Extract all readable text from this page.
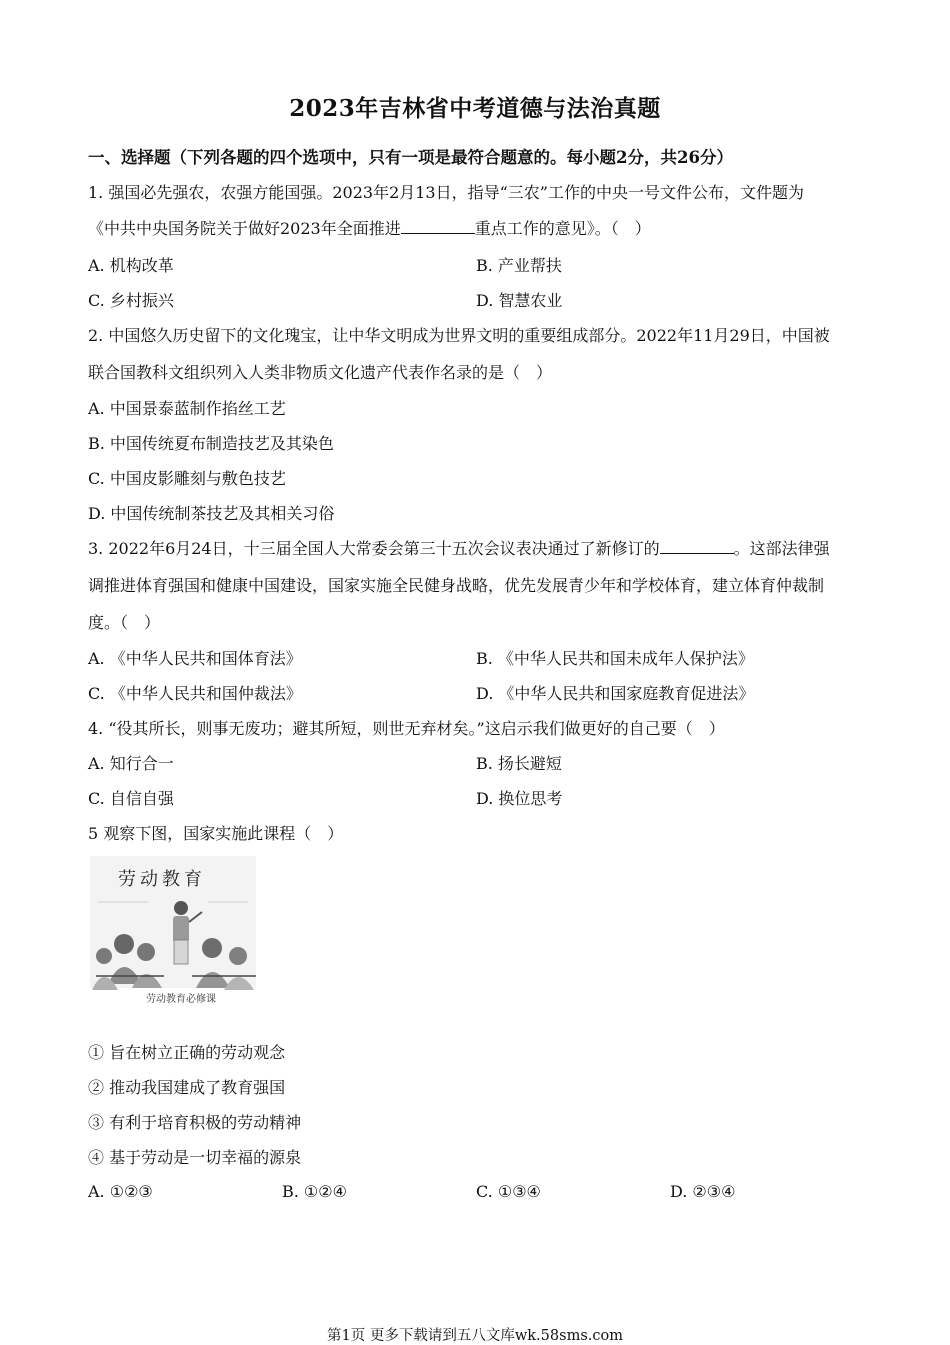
2023年吉林省中考道德与法治真题
一、选择题（下列各题的四个选项中，只有一项是最符合题意的。每小题2分，共26分）
1. 强国必先强农，农强方能国强。2023年2月13日，指导“三农”工作的中央一号文件公布，文件题为
《中共中央国务院关于做好2023年全面推进	重点工作的意见》。（　）
A. 机构改革	B. 产业帮扶
C. 乡村振兴	D. 智慧农业
2. 中国悠久历史留下的文化瑰宝，让中华文明成为世界文明的重要组成部分。2022年11月29日，中国被
联合国教科文组织列入人类非物质文化遗产代表作名录的是（　）
A. 中国景泰蓝制作掐丝工艺
B. 中国传统夏布制造技艺及其染色
C. 中国皮影雕刻与敷色技艺
D. 中国传统制茶技艺及其相关习俗
3. 2022年6月24日，十三届全国人大常委会第三十五次会议表决通过了新修订的	。这部法律强
调推进体育强国和健康中国建设，国家实施全民健身战略，优先发展青少年和学校体育，建立体育仲裁制
度。（　）
A. 《中华人民共和国体育法》	B. 《中华人民共和国未成年人保护法》
C. 《中华人民共和国仲裁法》	D. 《中华人民共和国家庭教育促进法》
4. “役其所长，则事无废功；避其所短，则世无弃材矣。”这启示我们做更好的自己要（　）
A. 知行合一	B. 扬长避短
C. 自信自强	D. 换位思考
5 观察下图，国家实施此课程（　）
劳动教育
劳动教育必修课
① 旨在树立正确的劳动观念
② 推动我国建成了教育强国
③ 有利于培育积极的劳动精神
④ 基于劳动是一切幸福的源泉
A. ①②③	B. ①②④	C. ①③④	D. ②③④
第1页 更多下载请到五八文库wk.58sms.com
